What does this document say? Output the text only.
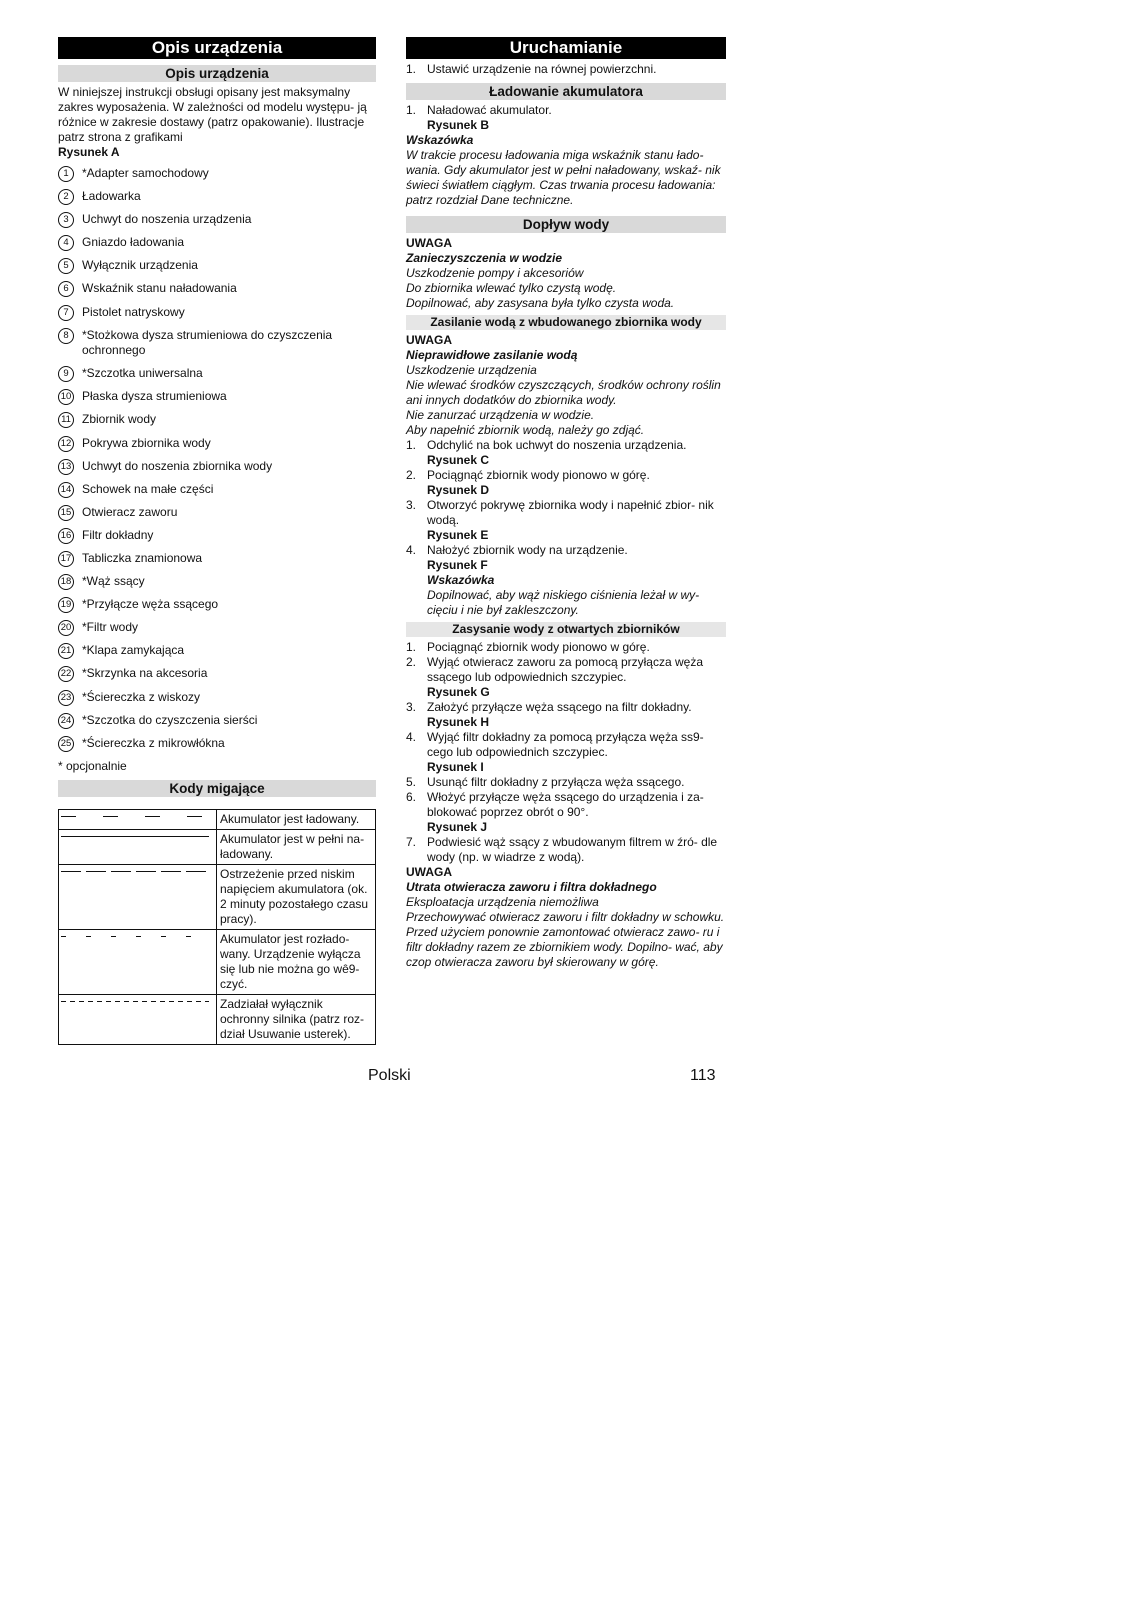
Opis urządzenia
Opis urządzenia
W niniejszej instrukcji obsługi opisany jest maksymalny zakres wyposażenia. W zależności od modelu występu- ją różnice w zakresie dostawy (patrz opakowanie). Ilustracje patrz strona z grafikami
Rysunek A
1	*Adapter samochodowy
2	Ładowarka
3	Uchwyt do noszenia urządzenia
4	Gniazdo ładowania
5	Wyłącznik urządzenia
6	Wskaźnik stanu naładowania
7	Pistolet natryskowy
8	*Stożkowa dysza strumieniowa do czyszczenia ochronnego
9	*Szczotka uniwersalna
10 Płaska dysza strumieniowa
11 Zbiornik wody
12 Pokrywa zbiornika wody
13 Uchwyt do noszenia zbiornika wody
14 Schowek na małe części
15 Otwieracz zaworu
16 Filtr dokładny
17 Tabliczka znamionowa
18 *Wąż ssący
19 *Przyłącze węża ssącego
20 *Filtr wody
21 *Klapa zamykająca
22 *Skrzynka na akcesoria
23 *Ściereczka z wiskozy
24 *Szczotka do czyszczenia sierści
25 *Ściereczka z mikrowłókna
* opcjonalnie
Kody migające
	Akumulator jest ładowany.

	Akumulator jest w pełni na- ładowany.

	Ostrzeżenie przed niskim napięciem akumulatora (ok. 2 minuty pozostałego czasu pracy).

	Akumulator jest rozłado- wany. Urządzenie wyłącza się lub nie można go wê9- czyć.

	Zadziałał wyłącznik ochronny silnika (patrz roz- dział Usuwanie usterek).
Uruchamianie
1. Ustawić urządzenie na równej powierzchni.
Ładowanie akumulatora
1. Naładować akumulator.
Rysunek B
Wskazówka
W trakcie procesu ładowania miga wskaźnik stanu łado- wania. Gdy akumulator jest w pełni naładowany, wskaź- nik świeci światłem ciągłym. Czas trwania procesu ładowania: patrz rozdział Dane techniczne.
Dopływ wody
UWAGA
Zanieczyszczenia w wodzie
Uszkodzenie pompy i akcesoriów
Do zbiornika wlewać tylko czystą wodę.
Dopilnować, aby zasysana była tylko czysta woda.
Zasilanie wodą z wbudowanego zbiornika wody
UWAGA
Nieprawidłowe zasilanie wodą
Uszkodzenie urządzenia
Nie wlewać środków czyszczących, środków ochrony roślin ani innych dodatków do zbiornika wody.
Nie zanurzać urządzenia w wodzie.
Aby napełnić zbiornik wodą, należy go zdjąć.
1. Odchylić na bok uchwyt do noszenia urządzenia.
Rysunek C
2. Pociągnąć zbiornik wody pionowo w górę.
Rysunek D
3. Otworzyć pokrywę zbiornika wody i napełnić zbior- nik wodą.
Rysunek E
4. Nałożyć zbiornik wody na urządzenie.
Rysunek F
Wskazówka
Dopilnować, aby wąż niskiego ciśnienia leżał w wy- cięciu i nie był zakleszczony.
Zasysanie wody z otwartych zbiorników
1. Pociągnąć zbiornik wody pionowo w górę.
2. Wyjąć otwieracz zaworu za pomocą przyłącza węża ssącego lub odpowiednich szczypiec.
Rysunek G
3. Założyć przyłącze węża ssącego na filtr dokładny.
Rysunek H
4. Wyjąć filtr dokładny za pomocą przyłącza węża ss9- cego lub odpowiednich szczypiec.
Rysunek I
5. Usunąć filtr dokładny z przyłącza węża ssącego.
6. Włożyć przyłącze węża ssącego do urządzenia i za- blokować poprzez obrót o 90°.
Rysunek J
7. Podwiesić wąż ssący z wbudowanym filtrem w źró- dle wody (np. w wiadrze z wodą).
UWAGA
Utrata otwieracza zaworu i filtra dokładnego
Eksploatacja urządzenia niemożliwa
Przechowywać otwieracz zaworu i filtr dokładny w schowku.
Przed użyciem ponownie zamontować otwieracz zawo- ru i filtr dokładny razem ze zbiornikiem wody. Dopilno- wać, aby czop otwieracza zaworu był skierowany w górę.
Polski	113
